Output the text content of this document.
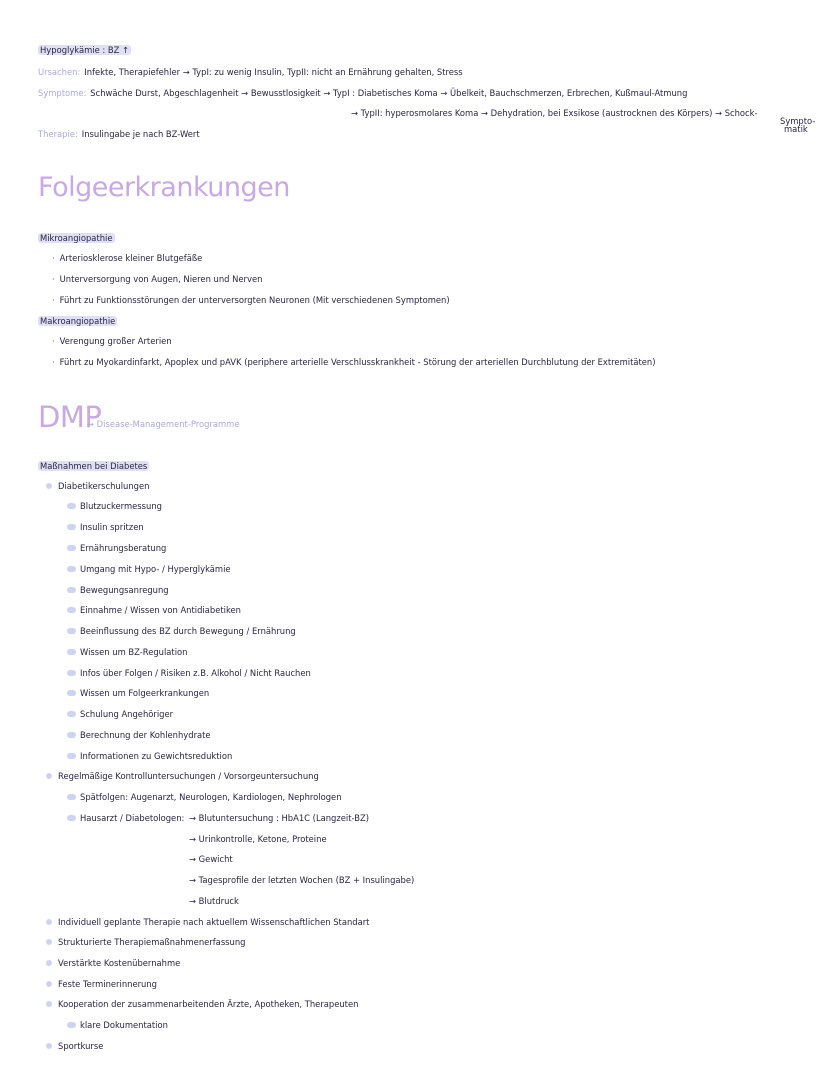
Hypoglykämie : BZ ↑
Ursachen: Infekte, Therapiefehler → TypI: zu wenig Insulin, TypII: nicht an Ernährung gehalten, Stress
Symptome: Schwäche Durst, Abgeschlagenheit → Bewusstlosigkeit → TypI : Diabetisches Koma → Übelkeit, Bauchschmerzen, Erbrechen, Kußmaul-Atmung
→ TypII: hyperosmolares Koma → Dehydration, bei Exsikose (austrocknen des Körpers) → Schock-
Sympto-
matik
Therapie: Insulingabe je nach BZ-Wert
Folgeerkrankungen
Mikroangiopathie
· Arteriosklerose kleiner Blutgefäße
· Unterversorgung von Augen, Nieren und Nerven
· Führt zu Funktionsstörungen der unterversorgten Neuronen (Mit verschiedenen Symptomen)
Makroangiopathie
· Verengung großer Arterien
· Führt zu Myokardinfarkt, Apoplex und pAVK (periphere arterielle Verschlusskrankheit - Störung der arteriellen Durchblutung der Extremitäten)
DMP
→ Disease-Management-Programme
Maßnahmen bei Diabetes
Diabetikerschulungen
Blutzuckermessung
Insulin spritzen
Ernährungsberatung
Umgang mit Hypo- / Hyperglykämie
Bewegungsanregung
Einnahme / Wissen von Antidiabetiken
Beeinflussung des BZ durch Bewegung / Ernährung
Wissen um BZ-Regulation
Infos über Folgen / Risiken z.B. Alkohol / Nicht Rauchen
Wissen um Folgeerkrankungen
Schulung Angehöriger
Berechnung der Kohlenhydrate
Informationen zu Gewichtsreduktion
Regelmäßige Kontrolluntersuchungen / Vorsorgeuntersuchung
Spätfolgen: Augenarzt, Neurologen, Kardiologen, Nephrologen
Hausarzt / Diabetologen: → Blutuntersuchung : HbA1C (Langzeit-BZ)
→ Urinkontrolle, Ketone, Proteine
→ Gewicht
→ Tagesprofile der letzten Wochen (BZ + Insulingabe)
→ Blutdruck
Individuell geplante Therapie nach aktuellem Wissenschaftlichen Standart
Strukturierte Therapiemaßnahmenerfassung
Verstärkte Kostenübernahme
Feste Terminerinnerung
Kooperation der zusammenarbeitenden Ärzte, Apotheken, Therapeuten
klare Dokumentation
Sportkurse
